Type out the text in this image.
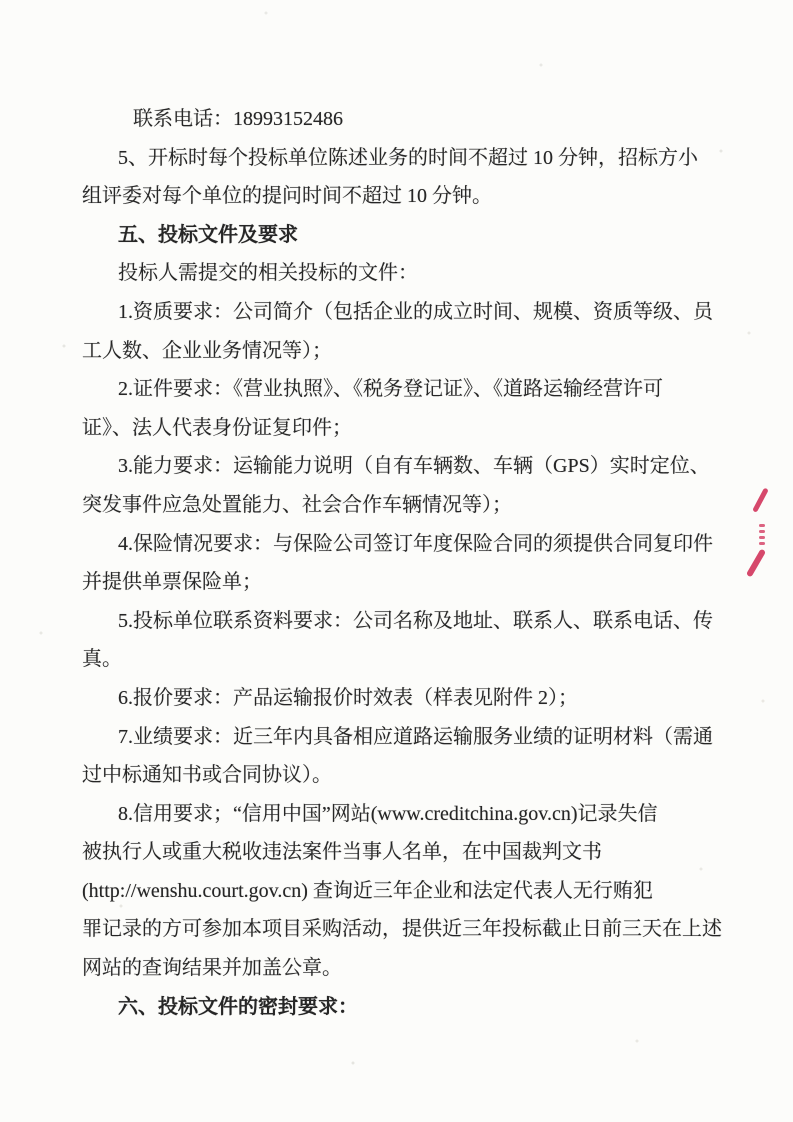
联系电话：18993152486
5、开标时每个投标单位陈述业务的时间不超过 10 分钟，招标方小
组评委对每个单位的提问时间不超过 10 分钟。
五、投标文件及要求
投标人需提交的相关投标的文件：
1.资质要求：公司简介（包括企业的成立时间、规模、资质等级、员
工人数、企业业务情况等）；
2.证件要求：《营业执照》、《税务登记证》、《道路运输经营许可
证》、法人代表身份证复印件；
3.能力要求：运输能力说明（自有车辆数、车辆（GPS）实时定位、
突发事件应急处置能力、社会合作车辆情况等）；
4.保险情况要求：与保险公司签订年度保险合同的须提供合同复印件
并提供单票保险单；
5.投标单位联系资料要求：公司名称及地址、联系人、联系电话、传
真。
6.报价要求：产品运输报价时效表（样表见附件 2）；
7.业绩要求：近三年内具备相应道路运输服务业绩的证明材料（需通
过中标通知书或合同协议）。
8.信用要求；“信用中国”网站(www.creditchina.gov.cn)记录失信
被执行人或重大税收违法案件当事人名单，在中国裁判文书
(http://wenshu.court.gov.cn) 查询近三年企业和法定代表人无行贿犯
罪记录的方可参加本项目采购活动，提供近三年投标截止日前三天在上述
网站的查询结果并加盖公章。
六、投标文件的密封要求：
